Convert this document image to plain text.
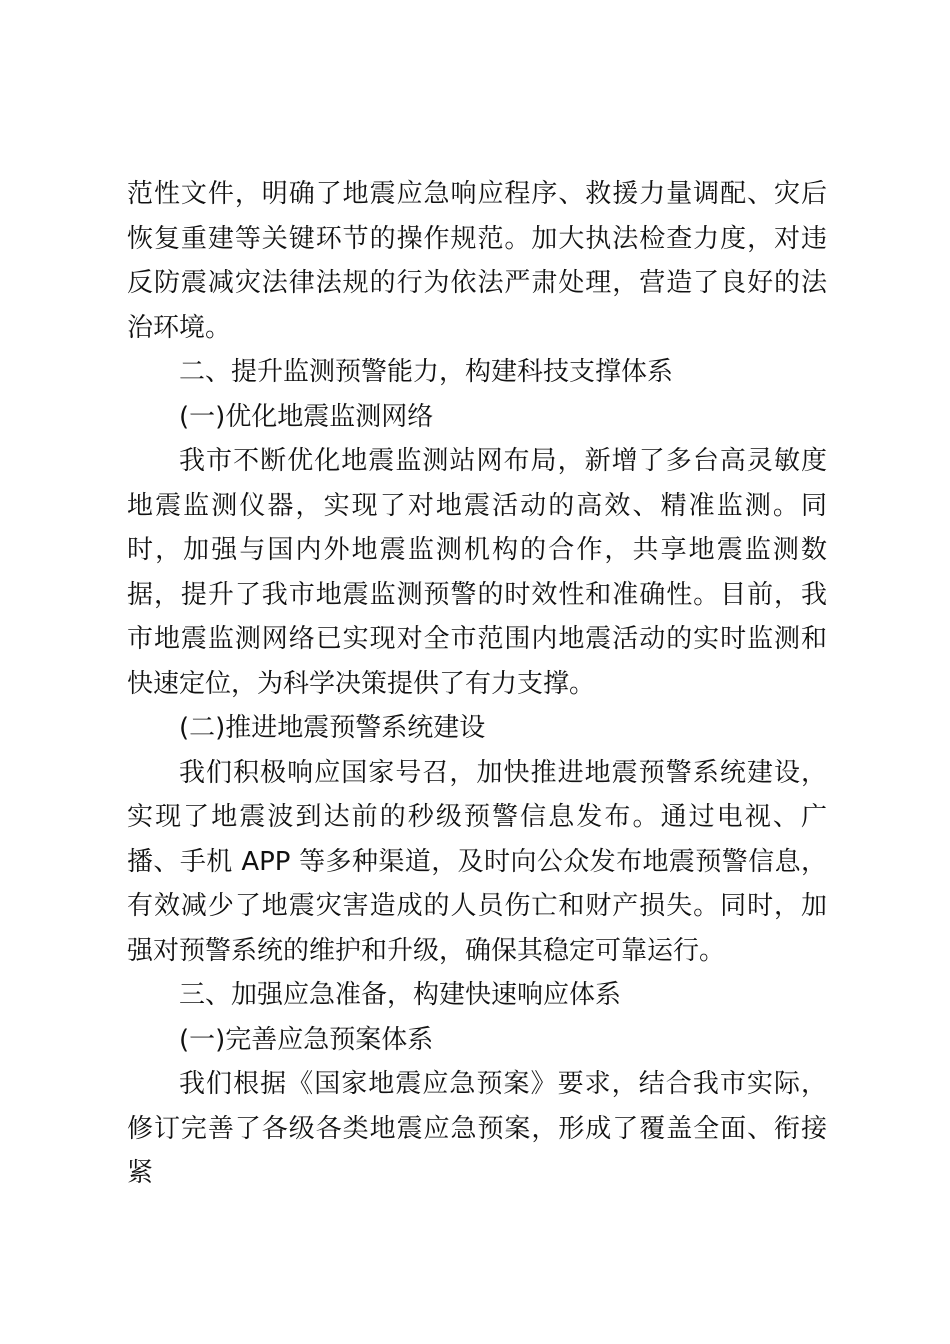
范性文件，明确了地震应急响应程序、救援力量调配、灾后恢复重建等关键环节的操作规范。加大执法检查力度，对违反防震减灾法律法规的行为依法严肃处理，营造了良好的法治环境。

二、提升监测预警能力，构建科技支撑体系

(一)优化地震监测网络

我市不断优化地震监测站网布局，新增了多台高灵敏度地震监测仪器，实现了对地震活动的高效、精准监测。同时，加强与国内外地震监测机构的合作，共享地震监测数据，提升了我市地震监测预警的时效性和准确性。目前，我市地震监测网络已实现对全市范围内地震活动的实时监测和快速定位，为科学决策提供了有力支撑。

(二)推进地震预警系统建设

我们积极响应国家号召，加快推进地震预警系统建设，实现了地震波到达前的秒级预警信息发布。通过电视、广播、手机 APP 等多种渠道，及时向公众发布地震预警信息，有效减少了地震灾害造成的人员伤亡和财产损失。同时，加强对预警系统的维护和升级，确保其稳定可靠运行。

三、加强应急准备，构建快速响应体系

(一)完善应急预案体系

我们根据《国家地震应急预案》要求，结合我市实际，修订完善了各级各类地震应急预案，形成了覆盖全面、衔接紧
